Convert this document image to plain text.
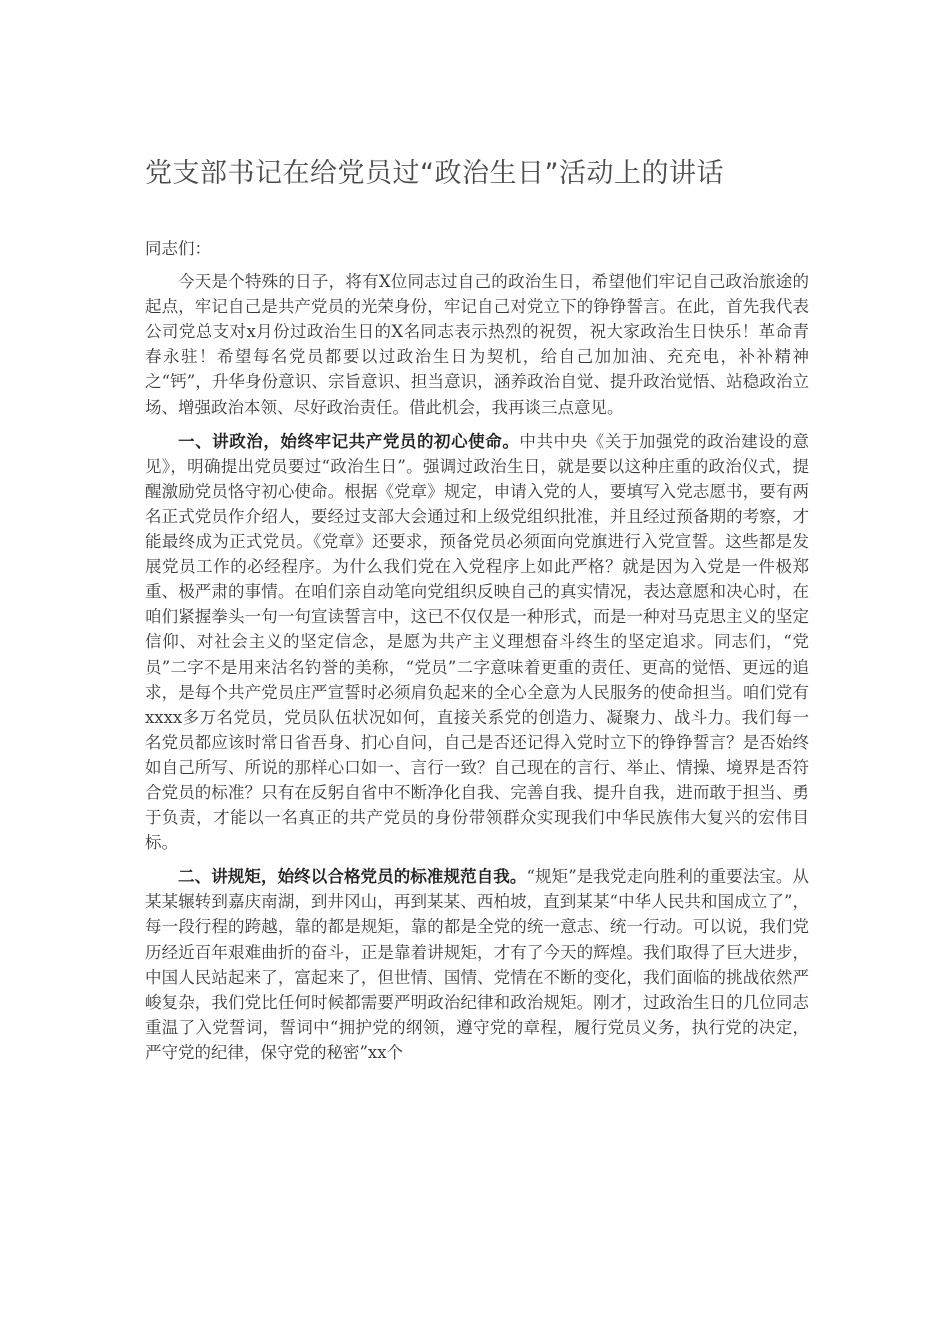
党支部书记在给党员过“政治生日”活动上的讲话

同志们：

今天是个特殊的日子，将有X位同志过自己的政治生日，希望他们牢记自己政治旅途的起点，牢记自己是共产党员的光荣身份，牢记自己对党立下的铮铮誓言。在此，首先我代表公司党总支对x月份过政治生日的X名同志表示热烈的祝贺，祝大家政治生日快乐！革命青春永驻！希望每名党员都要以过政治生日为契机，给自己加加油、充充电，补补精神之“钙”，升华身份意识、宗旨意识、担当意识，涵养政治自觉、提升政治觉悟、站稳政治立场、增强政治本领、尽好政治责任。借此机会，我再谈三点意见。

一、讲政治，始终牢记共产党员的初心使命。中共中央《关于加强党的政治建设的意见》，明确提出党员要过“政治生日”。强调过政治生日，就是要以这种庄重的政治仪式，提醒激励党员恪守初心使命。根据《党章》规定，申请入党的人，要填写入党志愿书，要有两名正式党员作介绍人，要经过支部大会通过和上级党组织批准，并且经过预备期的考察，才能最终成为正式党员。《党章》还要求，预备党员必须面向党旗进行入党宣誓。这些都是发展党员工作的必经程序。为什么我们党在入党程序上如此严格？就是因为入党是一件极郑重、极严肃的事情。在咱们亲自动笔向党组织反映自己的真实情况，表达意愿和决心时，在咱们紧握拳头一句一句宣读誓言中，这已不仅仅是一种形式，而是一种对马克思主义的坚定信仰、对社会主义的坚定信念，是愿为共产主义理想奋斗终生的坚定追求。同志们，“党员”二字不是用来沽名钓誉的美称，“党员”二字意味着更重的责任、更高的觉悟、更远的追求，是每个共产党员庄严宣誓时必须肩负起来的全心全意为人民服务的使命担当。咱们党有xxxx多万名党员，党员队伍状况如何，直接关系党的创造力、凝聚力、战斗力。我们每一名党员都应该时常日省吾身、扪心自问，自己是否还记得入党时立下的铮铮誓言？是否始终如自己所写、所说的那样心口如一、言行一致？自己现在的言行、举止、情操、境界是否符合党员的标准？只有在反躬自省中不断净化自我、完善自我、提升自我，进而敢于担当、勇于负责，才能以一名真正的共产党员的身份带领群众实现我们中华民族伟大复兴的宏伟目标。

二、讲规矩，始终以合格党员的标准规范自我。“规矩”是我党走向胜利的重要法宝。从某某辗转到嘉庆南湖，到井冈山，再到某某、西柏坡，直到某某“中华人民共和国成立了”，每一段行程的跨越，靠的都是规矩，靠的都是全党的统一意志、统一行动。可以说，我们党历经近百年艰难曲折的奋斗，正是靠着讲规矩，才有了今天的辉煌。我们取得了巨大进步，中国人民站起来了，富起来了，但世情、国情、党情在不断的变化，我们面临的挑战依然严峻复杂，我们党比任何时候都需要严明政治纪律和政治规矩。刚才，过政治生日的几位同志重温了入党誓词，誓词中“拥护党的纲领，遵守党的章程，履行党员义务，执行党的决定，严守党的纪律，保守党的秘密”xx个
